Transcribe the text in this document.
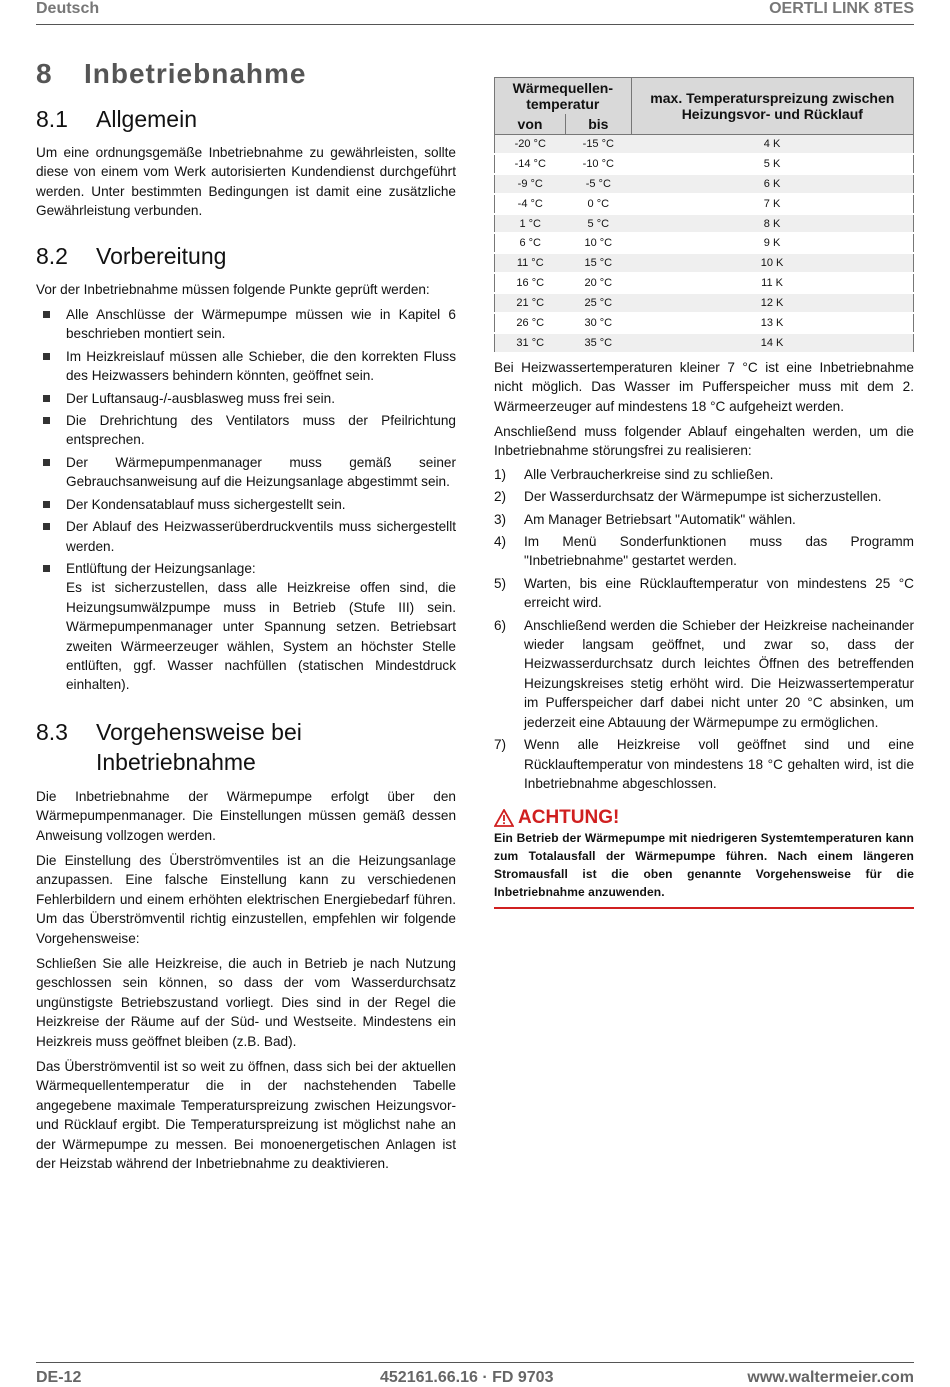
Deutsch	OERTLI LINK 8TES
8 Inbetriebnahme
8.1 Allgemein

Um eine ordnungsgemäße Inbetriebnahme zu gewährleisten, sollte diese von einem vom Werk autorisierten Kundendienst durchgeführt werden. Unter bestimmten Bedingungen ist damit eine zusätzliche Gewährleistung verbunden.

8.2 Vorbereitung

Vor der Inbetriebnahme müssen folgende Punkte geprüft werden:

Alle Anschlüsse der Wärmepumpe müssen wie in Kapitel 6 beschrieben montiert sein.
Im Heizkreislauf müssen alle Schieber, die den korrekten Fluss des Heizwassers behindern könnten, geöffnet sein.
Der Luftansaug-/-ausblasweg muss frei sein.
Die Drehrichtung des Ventilators muss der Pfeilrichtung entsprechen.
Der Wärmepumpenmanager muss gemäß seiner Gebrauchsanweisung auf die Heizungsanlage abgestimmt sein.
Der Kondensatablauf muss sichergestellt sein.
Der Ablauf des Heizwasserüberdruckventils muss sichergestellt werden.
Entlüftung der Heizungsanlage:
Es ist sicherzustellen, dass alle Heizkreise offen sind, die Heizungsumwälzpumpe muss in Betrieb (Stufe III) sein. Wärmepumpenmanager unter Spannung setzen. Betriebsart zweiten Wärmeerzeuger wählen, System an höchster Stelle entlüften, ggf. Wasser nachfüllen (statischen Mindestdruck einhalten).
8.3 Vorgehensweise bei
Inbetriebnahme

Die Inbetriebnahme der Wärmepumpe erfolgt über den Wärmepumpenmanager. Die Einstellungen müssen gemäß dessen Anweisung vollzogen werden.

Die Einstellung des Überströmventiles ist an die Heizungsanlage anzupassen. Eine falsche Einstellung kann zu verschiedenen Fehlerbildern und einem erhöhten elektrischen Energiebedarf führen. Um das Überströmventil richtig einzustellen, empfehlen wir folgende Vorgehensweise:

Schließen Sie alle Heizkreise, die auch in Betrieb je nach Nutzung geschlossen sein können, so dass der vom Wasserdurchsatz ungünstigste Betriebszustand vorliegt. Dies sind in der Regel die Heizkreise der Räume auf der Süd- und Westseite. Mindestens ein Heizkreis muss geöffnet bleiben (z.B. Bad).

Das Überströmventil ist so weit zu öffnen, dass sich bei der aktuellen Wärmequellentemperatur die in der nachstehenden Tabelle angegebene maximale Temperaturspreizung zwischen Heizungsvor- und Rücklauf ergibt. Die Temperaturspreizung ist möglichst nahe an der Wärmepumpe zu messen. Bei monoenergetischen Anlagen ist der Heizstab während der Inbetriebnahme zu deaktivieren.

Wärmequellen-temperatur		max. Temperaturspreizung zwischen Heizungsvor- und Rücklauf
von	bis	
-20 °C	-15 °C	4 K
-14 °C	-10 °C	5 K
-9 °C	-5 °C	6 K
-4 °C	0 °C	7 K
1 °C	5 °C	8 K
6 °C	10 °C	9 K
11 °C	15 °C	10 K
16 °C	20 °C	11 K
21 °C	25 °C	12 K
26 °C	30 °C	13 K
31 °C	35 °C	14 K

Bei Heizwassertemperaturen kleiner 7 °C ist eine Inbetriebnahme nicht möglich. Das Wasser im Pufferspeicher muss mit dem 2. Wärmeerzeuger auf mindestens 18 °C aufgeheizt werden.

Anschließend muss folgender Ablauf eingehalten werden, um die Inbetriebnahme störungsfrei zu realisieren:

1) Alle Verbraucherkreise sind zu schließen.
2) Der Wasserdurchsatz der Wärmepumpe ist sicherzustellen.
3) Am Manager Betriebsart "Automatik" wählen.
4) Im Menü Sonderfunktionen muss das Programm "Inbetriebnahme" gestartet werden.
5) Warten, bis eine Rücklauftemperatur von mindestens 25 °C erreicht wird.
6) Anschließend werden die Schieber der Heizkreise nacheinander wieder langsam geöffnet, und zwar so, dass der Heizwasserdurchsatz durch leichtes Öffnen des betreffenden Heizungskreises stetig erhöht wird. Die Heizwassertemperatur im Pufferspeicher darf dabei nicht unter 20 °C absinken, um jederzeit eine Abtauung der Wärmepumpe zu ermöglichen.
7) Wenn alle Heizkreise voll geöffnet sind und eine Rücklauftemperatur von mindestens 18 °C gehalten wird, ist die Inbetriebnahme abgeschlossen.
ACHTUNG!
Ein Betrieb der Wärmepumpe mit niedrigeren Systemtemperaturen kann zum Totalausfall der Wärmepumpe führen. Nach einem längeren Stromausfall ist die oben genannte Vorgehensweise für die Inbetriebnahme anzuwenden.
DE-12	452161.66.16 · FD 9703	www.waltermeier.com
